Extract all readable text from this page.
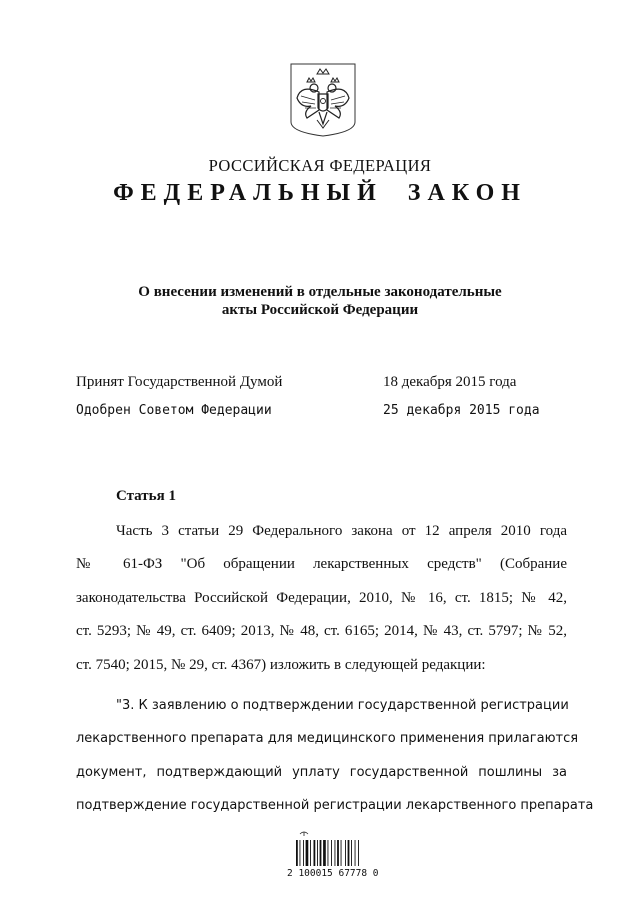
РОССИЙСКАЯ ФЕДЕРАЦИЯ
ФЕДЕРАЛЬНЫЙ ЗАКОН
О внесении изменений в отдельные законодательные
акты Российской Федерации
Принят Государственной Думой	18 декабря 2015 года
Одобрен Советом Федерации	25 декабря 2015 года
Статья 1
Часть 3 статьи 29 Федерального закона от 12 апреля 2010 года
№ 61-ФЗ "Об обращении лекарственных средств" (Собрание
законодательства Российской Федерации, 2010, № 16, ст. 1815; № 42,
ст. 5293; № 49, ст. 6409; 2013, № 48, ст. 6165; 2014, № 43, ст. 5797; № 52,
ст. 7540; 2015, № 29, ст. 4367) изложить в следующей редакции:
"3. К заявлению о подтверждении государственной регистрации
лекарственного препарата для медицинского применения прилагаются
документ, подтверждающий уплату государственной пошлины за
подтверждение государственной регистрации лекарственного препарата
2 100015 67778 0
